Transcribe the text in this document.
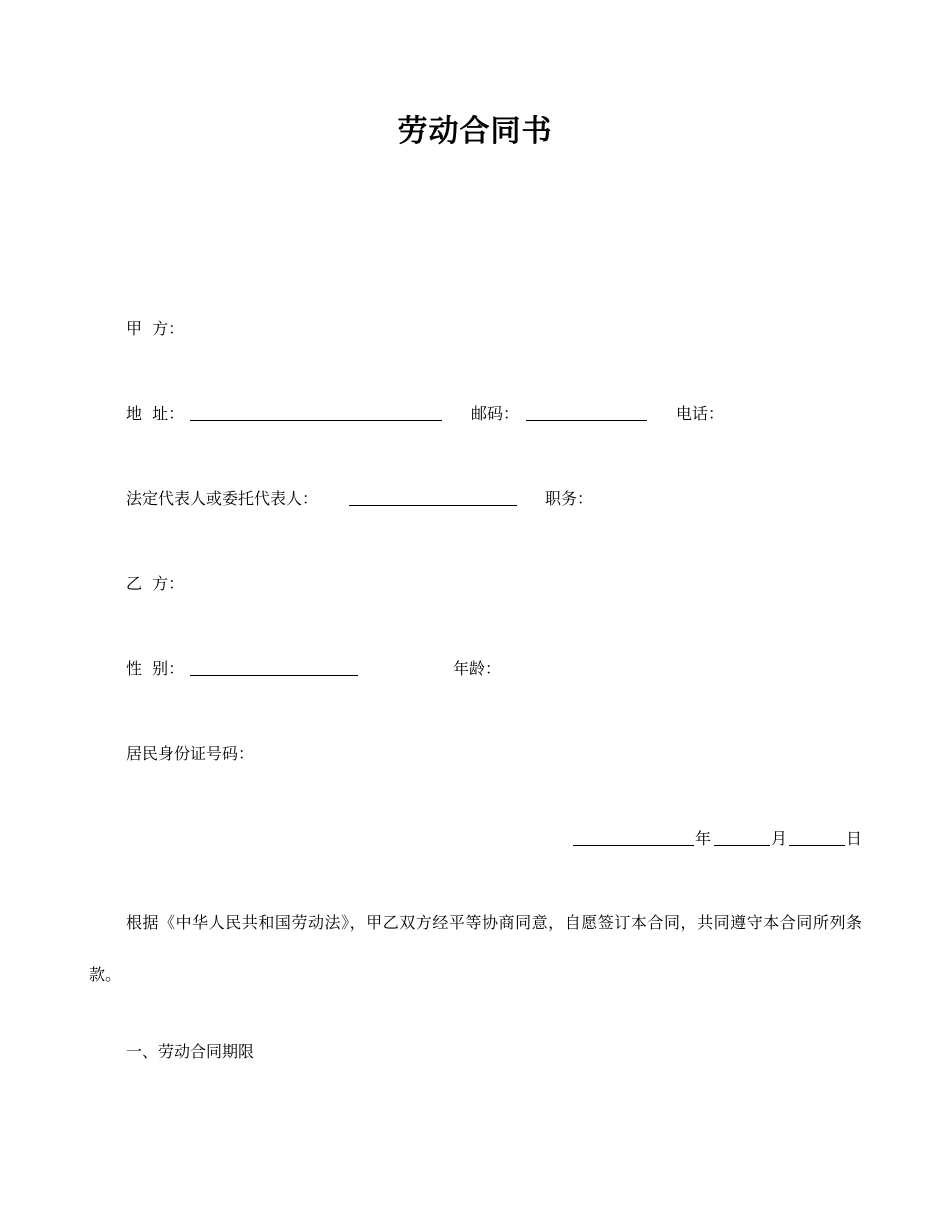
劳动合同书
甲  方：
地  址：	邮码：	电话：
法定代表人或委托代表人：	职务：
乙  方：
性  别：	年龄：
居民身份证号码：
年	月	日
根据《中华人民共和国劳动法》，甲乙双方经平等协商同意，自愿签订本合同，共同遵守本合同所列条款。
一、劳动合同期限
